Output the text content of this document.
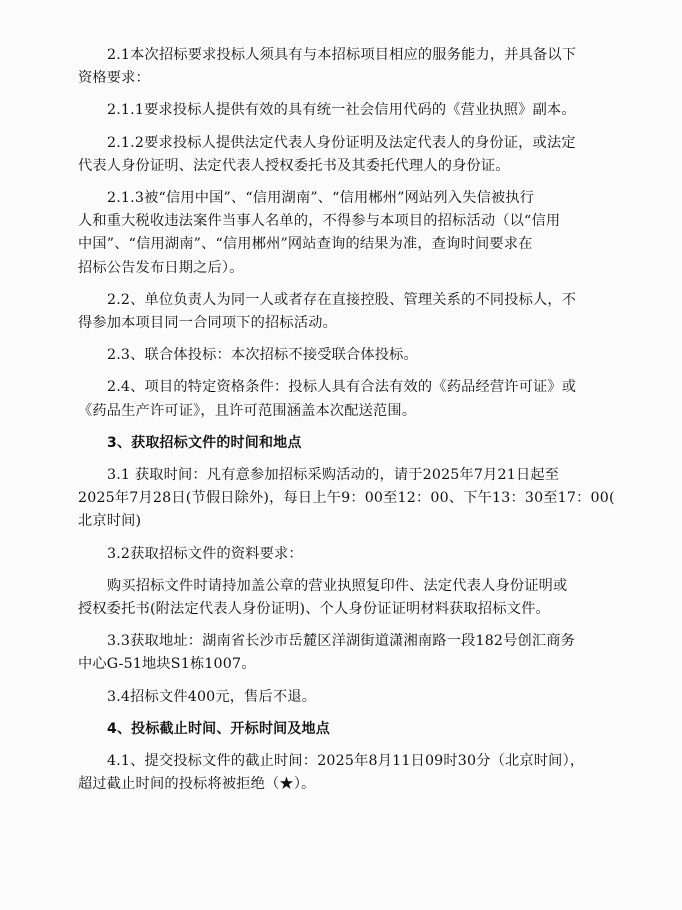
2.1本次招标要求投标人须具有与本招标项目相应的服务能力，并具备以下
资格要求：
2.1.1要求投标人提供有效的具有统一社会信用代码的《营业执照》副本。
2.1.2要求投标人提供法定代表人身份证明及法定代表人的身份证，或法定
代表人身份证明、法定代表人授权委托书及其委托代理人的身份证。
2.1.3被“信用中国”、“信用湖南”、“信用郴州”网站列入失信被执行
人和重大税收违法案件当事人名单的，不得参与本项目的招标活动（以“信用
中国”、“信用湖南”、“信用郴州”网站查询的结果为准，查询时间要求在
招标公告发布日期之后）。
2.2、单位负责人为同一人或者存在直接控股、管理关系的不同投标人，不
得参加本项目同一合同项下的招标活动。
2.3、联合体投标：本次招标不接受联合体投标。
2.4、项目的特定资格条件：投标人具有合法有效的《药品经营许可证》或
《药品生产许可证》，且许可范围涵盖本次配送范围。
3、获取招标文件的时间和地点
3.1 获取时间：凡有意参加招标采购活动的，请于2025年7月21日起至
2025年7月28日(节假日除外)，每日上午9：00至12：00、下午13：30至17：00(
北京时间)
3.2获取招标文件的资料要求：
购买招标文件时请持加盖公章的营业执照复印件、法定代表人身份证明或
授权委托书(附法定代表人身份证明)、个人身份证证明材料获取招标文件。
3.3获取地址：湖南省长沙市岳麓区洋湖街道潇湘南路一段182号创汇商务
中心G-51地块S1栋1007。
3.4招标文件400元，售后不退。
4、投标截止时间、开标时间及地点
4.1、提交投标文件的截止时间：2025年8月11日09时30分（北京时间），
超过截止时间的投标将被拒绝（★）。
